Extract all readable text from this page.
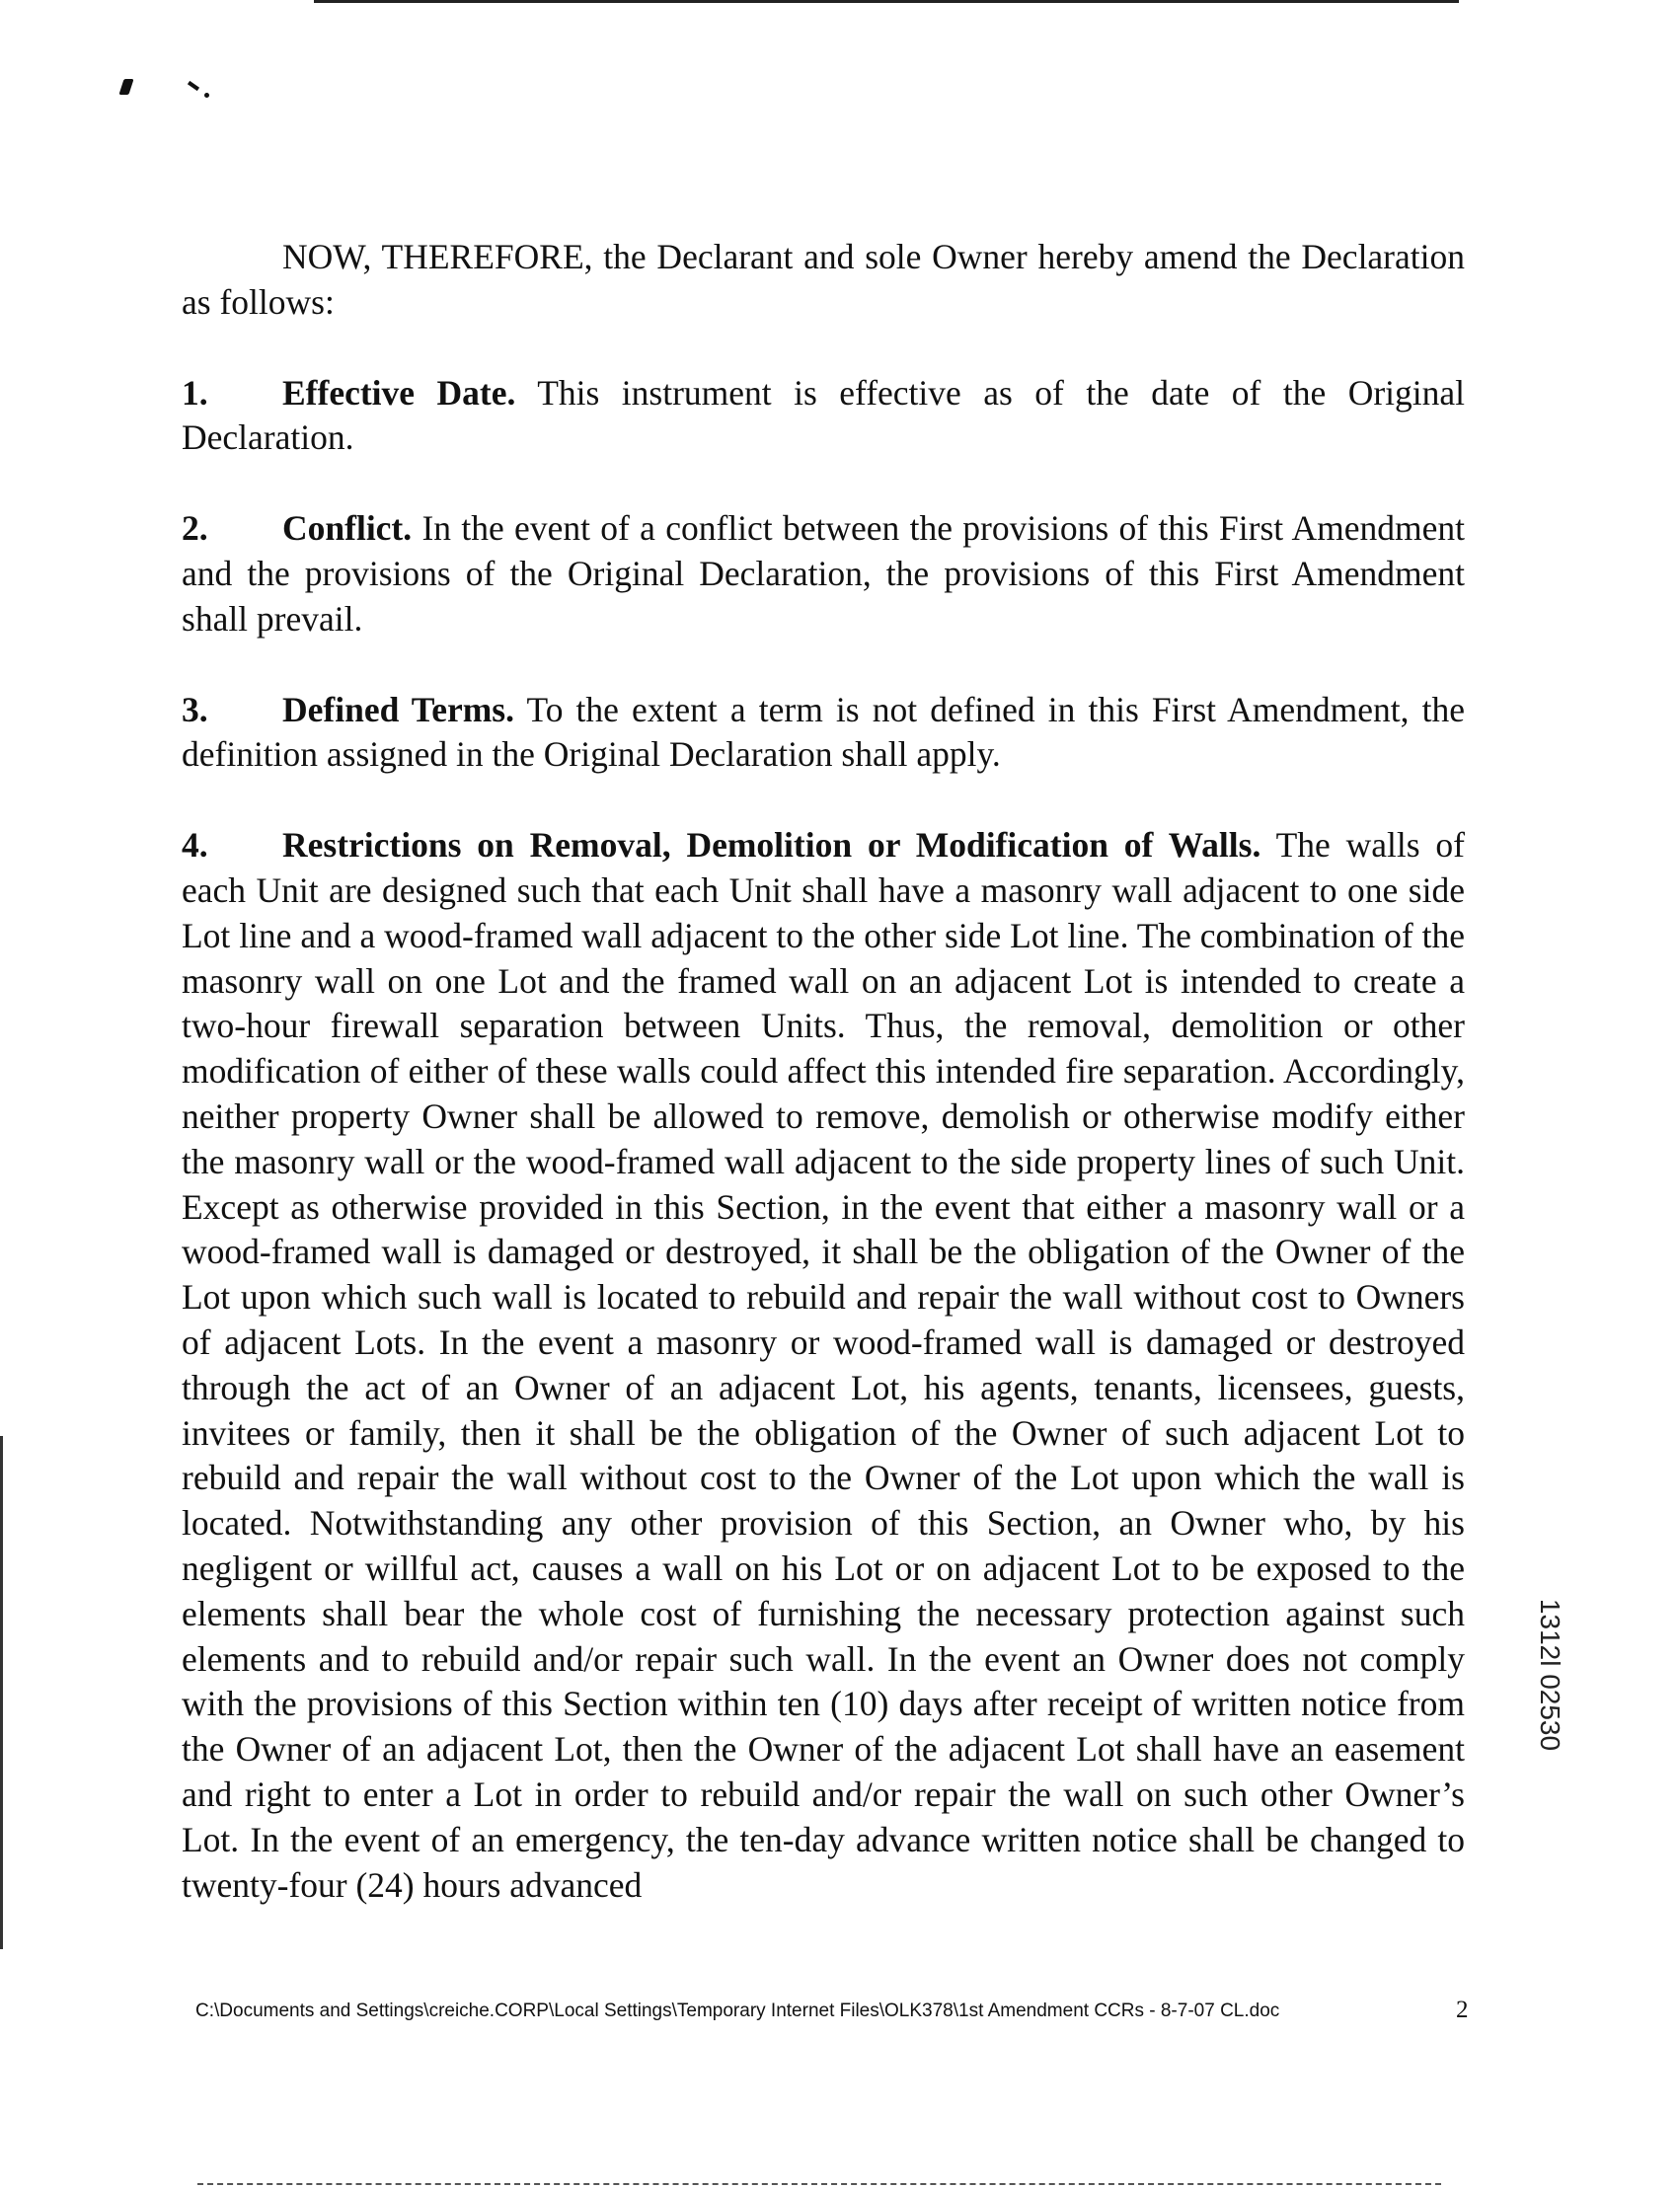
NOW, THEREFORE, the Declarant and sole Owner hereby amend the Declaration as follows:

1. Effective Date. This instrument is effective as of the date of the Original Declaration.

2. Conflict. In the event of a conflict between the provisions of this First Amendment and the provisions of the Original Declaration, the provisions of this First Amendment shall prevail.

3. Defined Terms. To the extent a term is not defined in this First Amendment, the definition assigned in the Original Declaration shall apply.

4. Restrictions on Removal, Demolition or Modification of Walls. The walls of each Unit are designed such that each Unit shall have a masonry wall adjacent to one side Lot line and a wood-framed wall adjacent to the other side Lot line. The combination of the masonry wall on one Lot and the framed wall on an adjacent Lot is intended to create a two-hour firewall separation between Units. Thus, the removal, demolition or other modification of either of these walls could affect this intended fire separation. Accordingly, neither property Owner shall be allowed to remove, demolish or otherwise modify either the masonry wall or the wood-framed wall adjacent to the side property lines of such Unit. Except as otherwise provided in this Section, in the event that either a masonry wall or a wood-framed wall is damaged or destroyed, it shall be the obligation of the Owner of the Lot upon which such wall is located to rebuild and repair the wall without cost to Owners of adjacent Lots. In the event a masonry or wood-framed wall is damaged or destroyed through the act of an Owner of an adjacent Lot, his agents, tenants, licensees, guests, invitees or family, then it shall be the obligation of the Owner of such adjacent Lot to rebuild and repair the wall without cost to the Owner of the Lot upon which the wall is located. Notwithstanding any other provision of this Section, an Owner who, by his negligent or willful act, causes a wall on his Lot or on adjacent Lot to be exposed to the elements shall bear the whole cost of furnishing the necessary protection against such elements and to rebuild and/or repair such wall. In the event an Owner does not comply with the provisions of this Section within ten (10) days after receipt of written notice from the Owner of an adjacent Lot, then the Owner of the adjacent Lot shall have an easement and right to enter a Lot in order to rebuild and/or repair the wall on such other Owner’s Lot. In the event of an emergency, the ten-day advance written notice shall be changed to twenty-four (24) hours advanced

1312l 02530
C:\Documents and Settings\creiche.CORP\Local Settings\Temporary Internet Files\OLK378\1st Amendment CCRs - 8-7-07 CL.doc	2
